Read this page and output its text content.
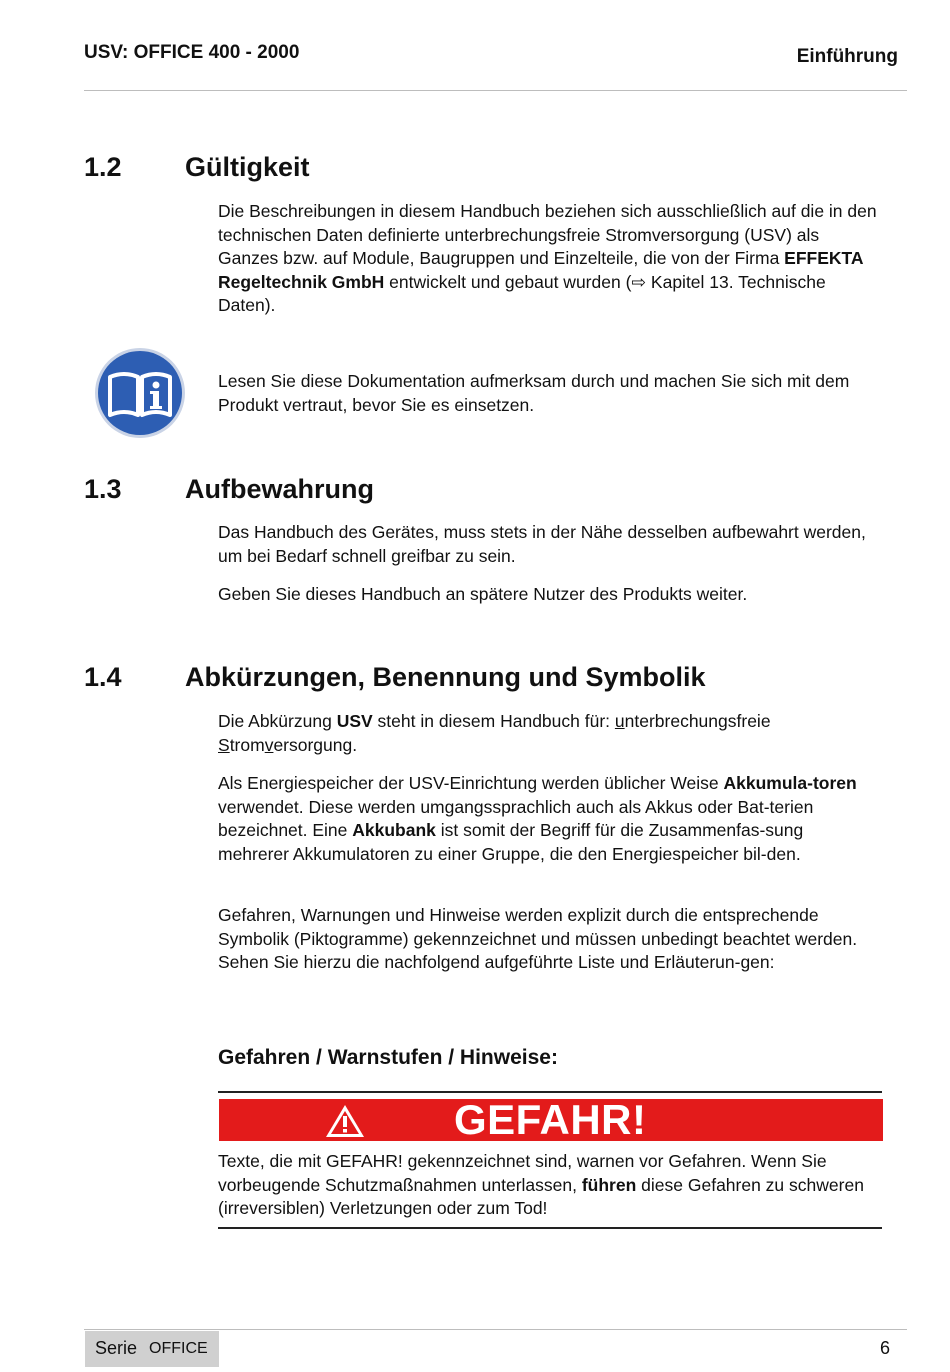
USV: OFFICE 400 - 2000	Einführung
1.2 Gültigkeit

Die Beschreibungen in diesem Handbuch beziehen sich ausschließlich auf die in den technischen Daten definierte unterbrechungsfreie Stromversorgung (USV) als Ganzes bzw. auf Module, Baugruppen und Einzelteile, die von der Firma EFFEKTA Regeltechnik GmbH entwickelt und gebaut wurden (⇨ Kapitel 13. Technische Daten).

Lesen Sie diese Dokumentation aufmerksam durch und machen Sie sich mit dem Produkt vertraut, bevor Sie es einsetzen.

1.3 Aufbewahrung

Das Handbuch des Gerätes, muss stets in der Nähe desselben aufbewahrt werden, um bei Bedarf schnell greifbar zu sein.

Geben Sie dieses Handbuch an spätere Nutzer des Produkts weiter.

1.4 Abkürzungen, Benennung und Symbolik

Die Abkürzung USV steht in diesem Handbuch für: unterbrechungsfreie Stromversorgung.

Als Energiespeicher der USV-Einrichtung werden üblicher Weise Akkumula-toren verwendet. Diese werden umgangssprachlich auch als Akkus oder Bat-terien bezeichnet. Eine Akkubank ist somit der Begriff für die Zusammenfas-sung mehrerer Akkumulatoren zu einer Gruppe, die den Energiespeicher bil-den.

Gefahren, Warnungen und Hinweise werden explizit durch die entsprechende Symbolik (Piktogramme) gekennzeichnet und müssen unbedingt beachtet werden. Sehen Sie hierzu die nachfolgend aufgeführte Liste und Erläuterun-gen:

Gefahren / Warnstufen / Hinweise:
GEFAHR!

Texte, die mit GEFAHR! gekennzeichnet sind, warnen vor Gefahren. Wenn Sie vorbeugende Schutzmaßnahmen unterlassen, führen diese Gefahren zu schweren (irreversiblen) Verletzungen oder zum Tod!

Serie OFFICE	6
